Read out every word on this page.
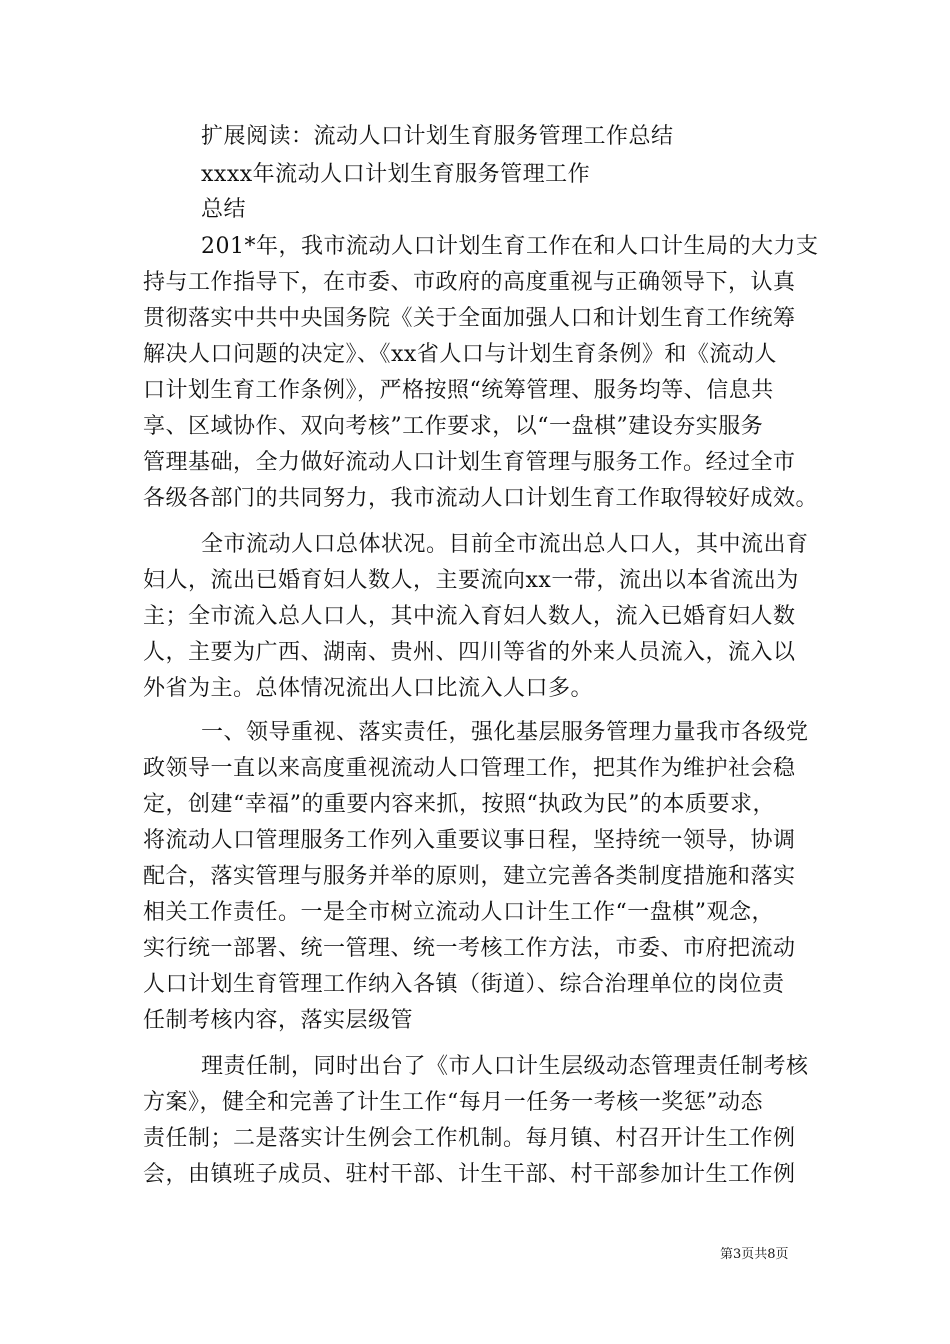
扩展阅读：流动人口计划生育服务管理工作总结
xxxx年流动人口计划生育服务管理工作
总结
201*年，我市流动人口计划生育工作在和人口计生局的大力支
持与工作指导下，在市委、市政府的高度重视与正确领导下，认真
贯彻落实中共中央国务院《关于全面加强人口和计划生育工作统筹
解决人口问题的决定》、《xx省人口与计划生育条例》和《流动人
口计划生育工作条例》，严格按照“统筹管理、服务均等、信息共
享、区域协作、双向考核”工作要求，以“一盘棋”建设夯实服务
管理基础，全力做好流动人口计划生育管理与服务工作。经过全市
各级各部门的共同努力，我市流动人口计划生育工作取得较好成效。
全市流动人口总体状况。目前全市流出总人口人，其中流出育
妇人，流出已婚育妇人数人，主要流向xx一带，流出以本省流出为
主；全市流入总人口人，其中流入育妇人数人，流入已婚育妇人数
人，主要为广西、湖南、贵州、四川等省的外来人员流入，流入以
外省为主。总体情况流出人口比流入人口多。
一、领导重视、落实责任，强化基层服务管理力量我市各级党
政领导一直以来高度重视流动人口管理工作，把其作为维护社会稳
定，创建“幸福”的重要内容来抓，按照“执政为民”的本质要求，
将流动人口管理服务工作列入重要议事日程，坚持统一领导，协调
配合，落实管理与服务并举的原则，建立完善各类制度措施和落实
相关工作责任。一是全市树立流动人口计生工作“一盘棋”观念，
实行统一部署、统一管理、统一考核工作方法，市委、市府把流动
人口计划生育管理工作纳入各镇（街道）、综合治理单位的岗位责
任制考核内容，落实层级管
理责任制，同时出台了《市人口计生层级动态管理责任制考核
方案》，健全和完善了计生工作“每月一任务一考核一奖惩”动态
责任制；二是落实计生例会工作机制。每月镇、村召开计生工作例
会，由镇班子成员、驻村干部、计生干部、村干部参加计生工作例
第3页共8页
